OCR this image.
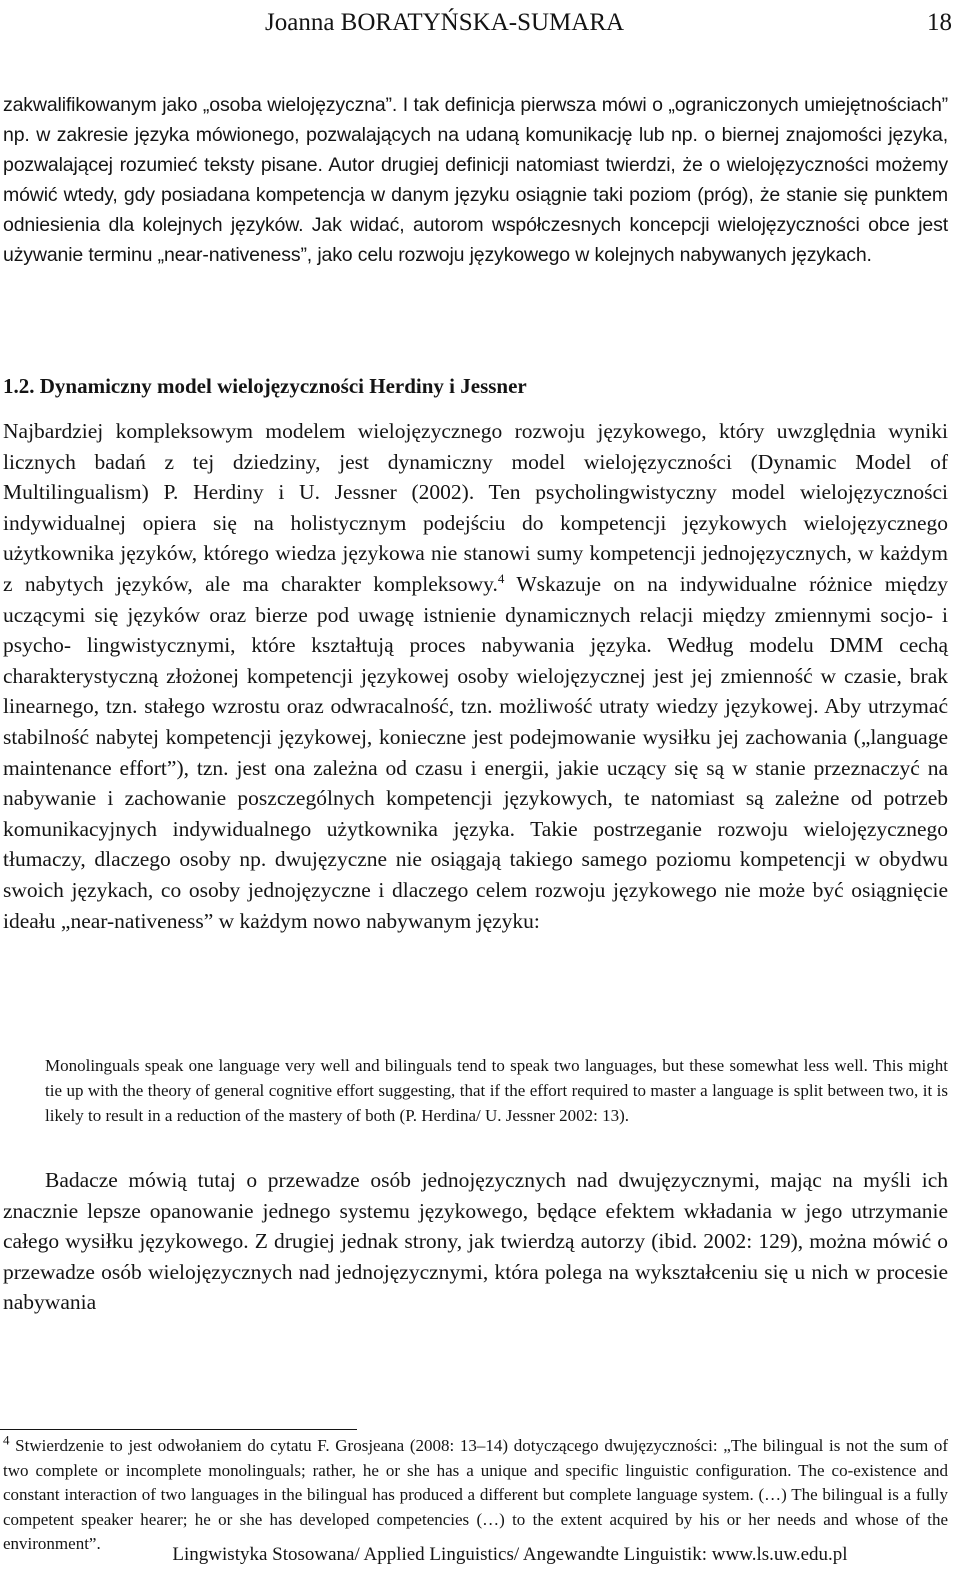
Joanna BORATYŃSKA-SUMARA	18

zakwalifikowanym jako „osoba wielojęzyczna”. I tak definicja pierwsza mówi o „ograniczonych umiejętnościach” np. w zakresie języka mówionego, pozwalających na udaną komunikację lub np. o biernej znajomości języka, pozwalającej rozumieć teksty pisane. Autor drugiej definicji natomiast twierdzi, że o wielojęzyczności możemy mówić wtedy, gdy posiadana kompetencja w danym języku osiągnie taki poziom (próg), że stanie się punktem odniesienia dla kolejnych języków. Jak widać, autorom współczesnych koncepcji wielojęzyczności obce jest używanie terminu „near-nativeness”, jako celu rozwoju językowego w kolejnych nabywanych językach.

1.2. Dynamiczny model wielojęzyczności Herdiny i Jessner

Najbardziej kompleksowym modelem wielojęzycznego rozwoju językowego, który uwzględnia wyniki licznych badań z tej dziedziny, jest dynamiczny model wielojęzyczności (Dynamic Model of Multilingualism) P. Herdiny i U. Jessner (2002). Ten psycholingwistyczny model wielojęzyczności indywidualnej opiera się na holistycznym podejściu do kompetencji językowych wielojęzycznego użytkownika języków, którego wiedza językowa nie stanowi sumy kompetencji jednojęzycznych, w każdym z nabytych języków, ale ma charakter kompleksowy.$^4$ Wskazuje on na indywidualne różnice między uczącymi się języków oraz bierze pod uwagę istnienie dynamicznych relacji między zmiennymi socjo- i psycho- lingwistycznymi, które kształtują proces nabywania języka. Według modelu DMM cechą charakterystyczną złożonej kompetencji językowej osoby wielojęzycznej jest jej zmienność w czasie, brak linearnego, tzn. stałego wzrostu oraz odwracalność, tzn. możliwość utraty wiedzy językowej. Aby utrzymać stabilność nabytej kompetencji językowej, konieczne jest podejmowanie wysiłku jej zachowania („language maintenance effort”), tzn. jest ona zależna od czasu i energii, jakie uczący się są w stanie przeznaczyć na nabywanie i zachowanie poszczególnych kompetencji językowych, te natomiast są zależne od potrzeb komunikacyjnych indywidualnego użytkownika języka. Takie postrzeganie rozwoju wielojęzycznego tłumaczy, dlaczego osoby np. dwujęzyczne nie osiągają takiego samego poziomu kompetencji w obydwu swoich językach, co osoby jednojęzyczne i dlaczego celem rozwoju językowego nie może być osiągnięcie ideału „near-nativeness” w każdym nowo nabywanym języku:

Monolinguals speak one language very well and bilinguals tend to speak two languages, but these somewhat less well. This might tie up with the theory of general cognitive effort suggesting, that if the effort required to master a language is split between two, it is likely to result in a reduction of the mastery of both (P. Herdina/ U. Jessner 2002: 13).

Badacze mówią tutaj o przewadze osób jednojęzycznych nad dwujęzycznymi, mając na myśli ich znacznie lepsze opanowanie jednego systemu językowego, będące efektem wkładania w jego utrzymanie całego wysiłku językowego. Z drugiej jednak strony, jak twierdzą autorzy (ibid. 2002: 129), można mówić o przewadze osób wielojęzycznych nad jednojęzycznymi, która polega na wykształceniu się u nich w procesie nabywania

$^4$ Stwierdzenie to jest odwołaniem do cytatu F. Grosjeana (2008: 13–14) dotyczącego dwujęzyczności: „The bilingual is not the sum of two complete or incomplete monolinguals; rather, he or she has a unique and specific linguistic configuration. The co-existence and constant interaction of two languages in the bilingual has produced a different but complete language system. (…) The bilingual is a fully competent speaker hearer; he or she has developed competencies (…) to the extent acquired by his or her needs and whose of the environment”.

Lingwistyka Stosowana/ Applied Linguistics/ Angewandte Linguistik: www.ls.uw.edu.pl
